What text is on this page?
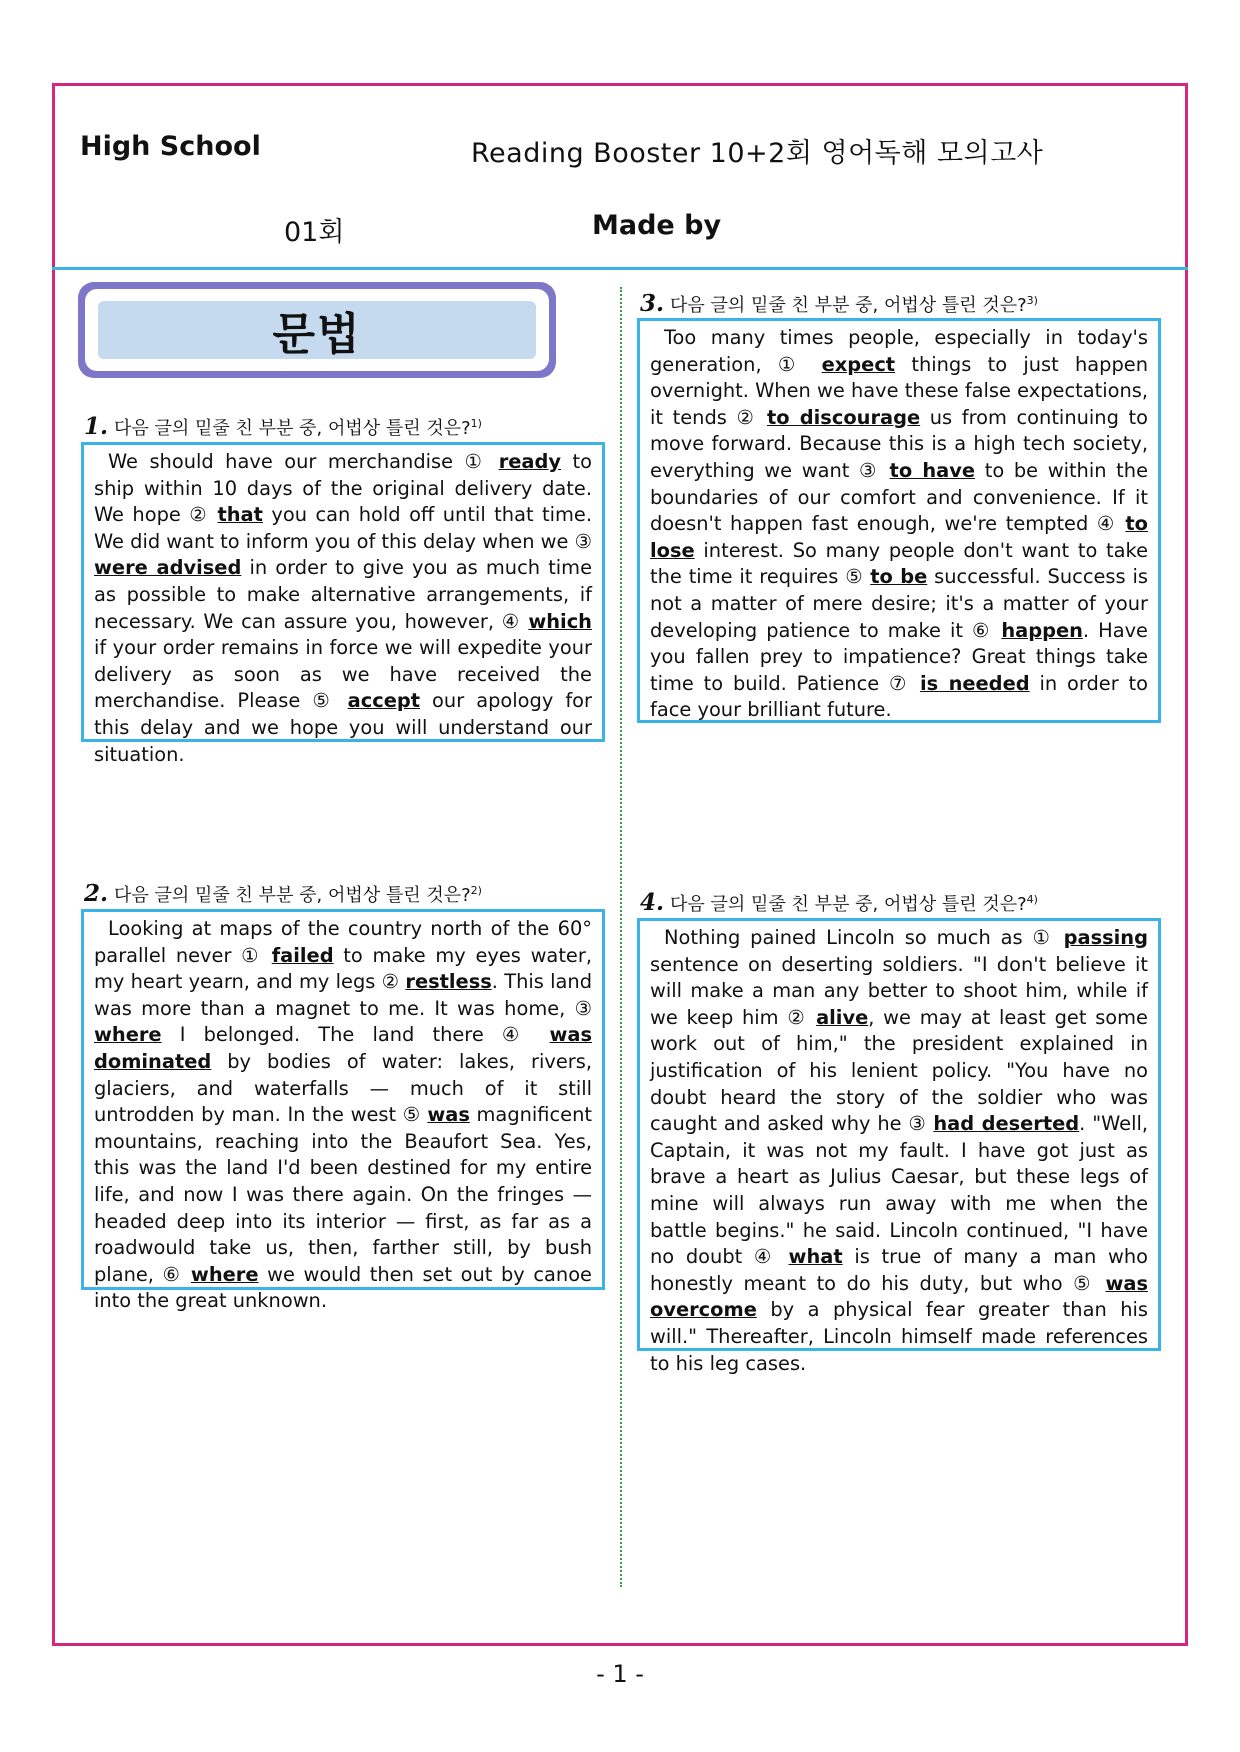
High School	Reading Booster 10+2회 영어독해 모의고사
01회	Made by
문법
1. 다음 글의 밑줄 친 부분 중, 어법상 틀린 것은?$^{1)}$

We should have our merchandise ① ready to ship within 10 days of the original delivery date. We hope ② that you can hold off until that time. We did want to inform you of this delay when we ③ were advised in order to give you as much time as possible to make alternative arrangements, if necessary. We can assure you, however, ④ which if your order remains in force we will expedite your delivery as soon as we have received the merchandise. Please ⑤ accept our apology for this delay and we hope you will understand our situation.

2. 다음 글의 밑줄 친 부분 중, 어법상 틀린 것은?$^{2)}$

Looking at maps of the country north of the 60° parallel never ① failed to make my eyes water, my heart yearn, and my legs ② restless. This land was more than a magnet to me. It was home, ③ where I belonged. The land there ④ was dominated by bodies of water: lakes, rivers, glaciers, and waterfalls — much of it still untrodden by man. In the west ⑤ was magnificent mountains, reaching into the Beaufort Sea. Yes, this was the land I'd been destined for my entire life, and now I was there again. On the fringes — headed deep into its interior — first, as far as a roadwould take us, then, farther still, by bush plane, ⑥ where we would then set out by canoe into the great unknown.

3. 다음 글의 밑줄 친 부분 중, 어법상 틀린 것은?$^{3)}$

Too many times people, especially in today's generation, ① expect things to just happen overnight. When we have these false expectations, it tends ② to discourage us from continuing to move forward. Because this is a high tech society, everything we want ③ to have to be within the boundaries of our comfort and convenience. If it doesn't happen fast enough, we're tempted ④ to lose interest. So many people don't want to take the time it requires ⑤ to be successful. Success is not a matter of mere desire; it's a matter of your developing patience to make it ⑥ happen. Have you fallen prey to impatience? Great things take time to build. Patience ⑦ is needed in order to face your brilliant future.

4. 다음 글의 밑줄 친 부분 중, 어법상 틀린 것은?$^{4)}$

Nothing pained Lincoln so much as ① passing sentence on deserting soldiers. "I don't believe it will make a man any better to shoot him, while if we keep him ② alive, we may at least get some work out of him," the president explained in justification of his lenient policy. "You have no doubt heard the story of the soldier who was caught and asked why he ③ had deserted. "Well, Captain, it was not my fault. I have got just as brave a heart as Julius Caesar, but these legs of mine will always run away with me when the battle begins." he said. Lincoln continued, "I have no doubt ④ what is true of many a man who honestly meant to do his duty, but who ⑤ was overcome by a physical fear greater than his will." Thereafter, Lincoln himself made references to his leg cases.

- 1 -
